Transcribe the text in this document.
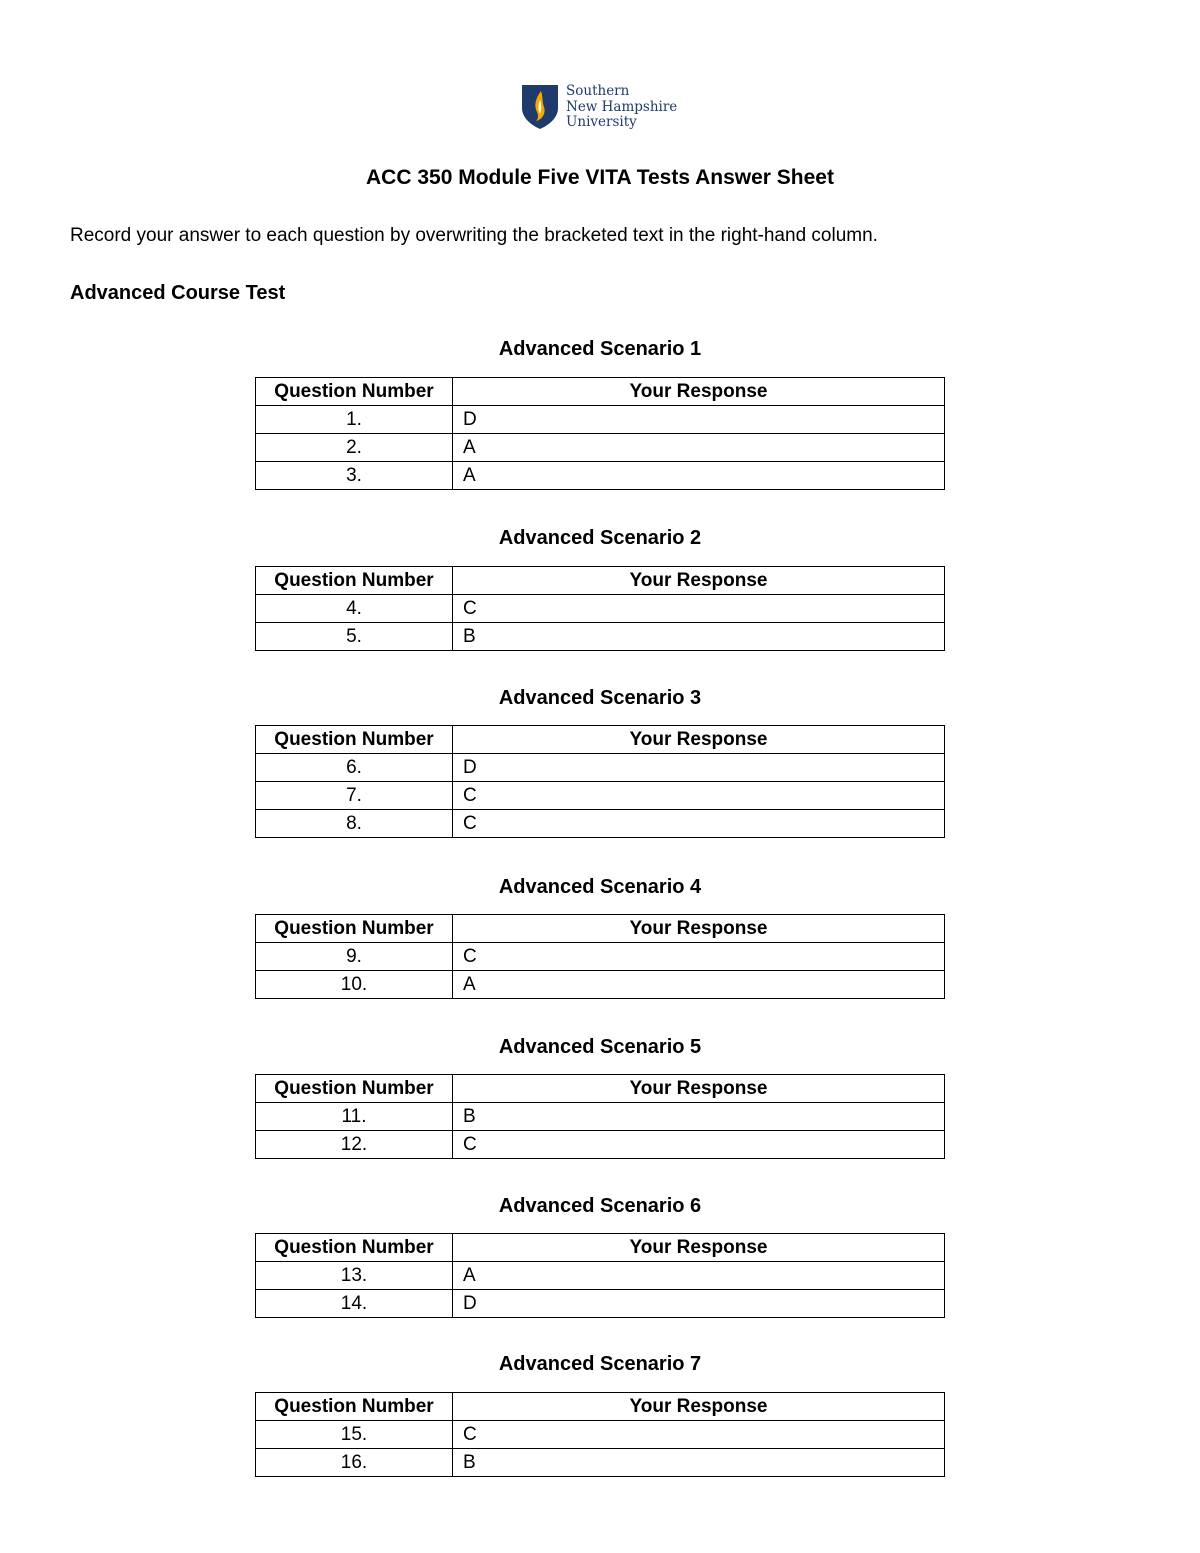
Southern
New Hampshire
University
ACC 350 Module Five VITA Tests Answer Sheet
Record your answer to each question by overwriting the bracketed text in the right-hand column.
Advanced Course Test
Advanced Scenario 1
Question Number	Your Response
1.	D
2.	A
3.	A
Advanced Scenario 2
Question Number	Your Response
4.	C
5.	B
Advanced Scenario 3
Question Number	Your Response
6.	D
7.	C
8.	C
Advanced Scenario 4
Question Number	Your Response
9.	C
10.	A
Advanced Scenario 5
Question Number	Your Response
11.	B
12.	C
Advanced Scenario 6
Question Number	Your Response
13.	A
14.	D
Advanced Scenario 7
Question Number	Your Response
15.	C
16.	B
